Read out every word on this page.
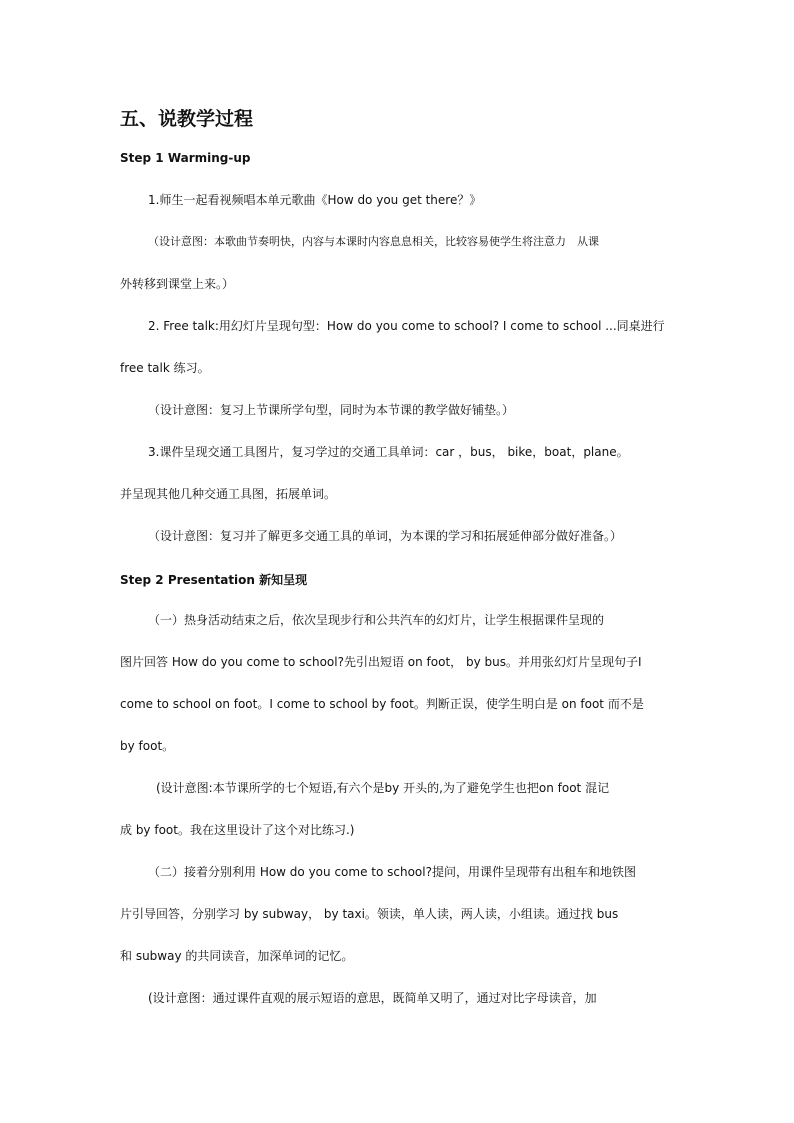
五、说教学过程
Step 1 Warming-up
1.师生一起看视频唱本单元歌曲《How do you get there？》
（设计意图：本歌曲节奏明快，内容与本课时内容息息相关，比较容易使学生将注意力　从课
外转移到课堂上来。）
2. Free talk:用幻灯片呈现句型：How do you come to school? I come to school ...同桌进行
free talk 练习。
（设计意图：复习上节课所学句型，同时为本节课的教学做好铺垫。）
3.课件呈现交通工具图片，复习学过的交通工具单词：car ，bus， bike，boat，plane。
并呈现其他几种交通工具图，拓展单词。
（设计意图：复习并了解更多交通工具的单词，为本课的学习和拓展延伸部分做好准备。）
Step 2 Presentation 新知呈现
（一）热身活动结束之后，依次呈现步行和公共汽车的幻灯片，让学生根据课件呈现的
图片回答 How do you come to school?先引出短语 on foot， by bus。并用张幻灯片呈现句子I
come to school on foot。I come to school by foot。判断正误，使学生明白是 on foot 而不是
by foot。
(设计意图:本节课所学的七个短语,有六个是by 开头的,为了避免学生也把on foot 混记
成 by foot。我在这里设计了这个对比练习.)
（二）接着分别利用 How do you come to school?提问，用课件呈现带有出租车和地铁图
片引导回答，分别学习 by subway， by taxi。领读，单人读，两人读，小组读。通过找 bus
和 subway 的共同读音，加深单词的记忆。
(设计意图：通过课件直观的展示短语的意思，既简单又明了，通过对比字母读音，加
